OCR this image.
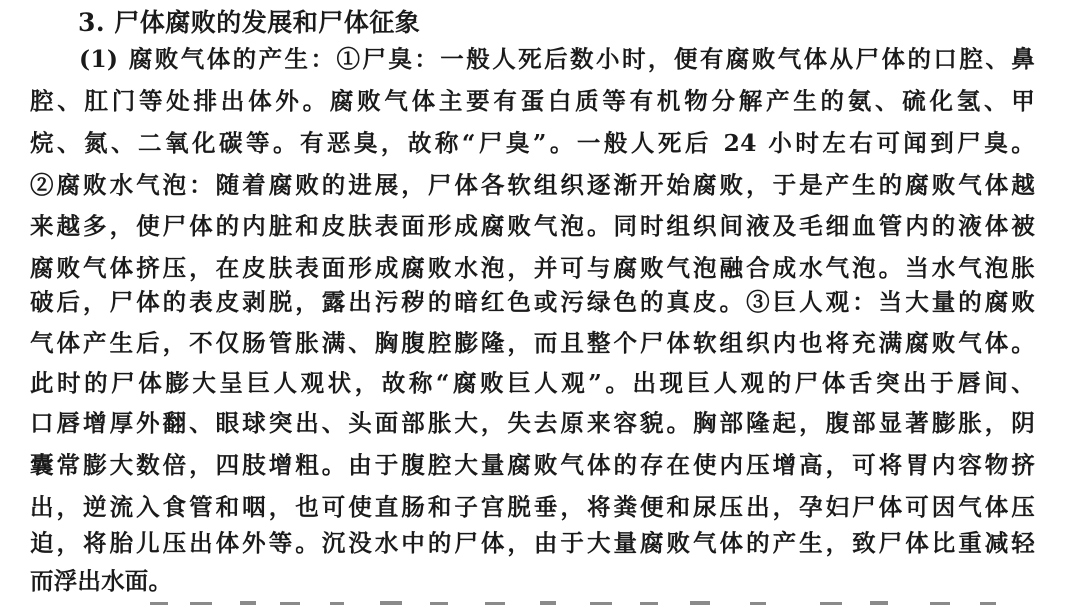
3. 尸体腐败的发展和尸体征象
(1) 腐败气体的产生：①尸臭：一般人死后数小时，便有腐败气体从尸体的口腔、鼻
腔、肛门等处排出体外。腐败气体主要有蛋白质等有机物分解产生的氨、硫化氢、甲
烷、氮、二氧化碳等。有恶臭，故称“尸臭”。一般人死后 24 小时左右可闻到尸臭。
②腐败水气泡：随着腐败的进展，尸体各软组织逐渐开始腐败，于是产生的腐败气体越
来越多，使尸体的内脏和皮肤表面形成腐败气泡。同时组织间液及毛细血管内的液体被
腐败气体挤压，在皮肤表面形成腐败水泡，并可与腐败气泡融合成水气泡。当水气泡胀
破后，尸体的表皮剥脱，露出污秽的暗红色或污绿色的真皮。③巨人观：当大量的腐败
气体产生后，不仅肠管胀满、胸腹腔膨隆，而且整个尸体软组织内也将充满腐败气体。
此时的尸体膨大呈巨人观状，故称“腐败巨人观”。出现巨人观的尸体舌突出于唇间、
口唇增厚外翻、眼球突出、头面部胀大，失去原来容貌。胸部隆起，腹部显著膨胀，阴
囊常膨大数倍，四肢增粗。由于腹腔大量腐败气体的存在使内压增高，可将胃内容物挤
出，逆流入食管和咽，也可使直肠和子宫脱垂，将粪便和尿压出，孕妇尸体可因气体压
迫，将胎儿压出体外等。沉没水中的尸体，由于大量腐败气体的产生，致尸体比重减轻
而浮出水面。
